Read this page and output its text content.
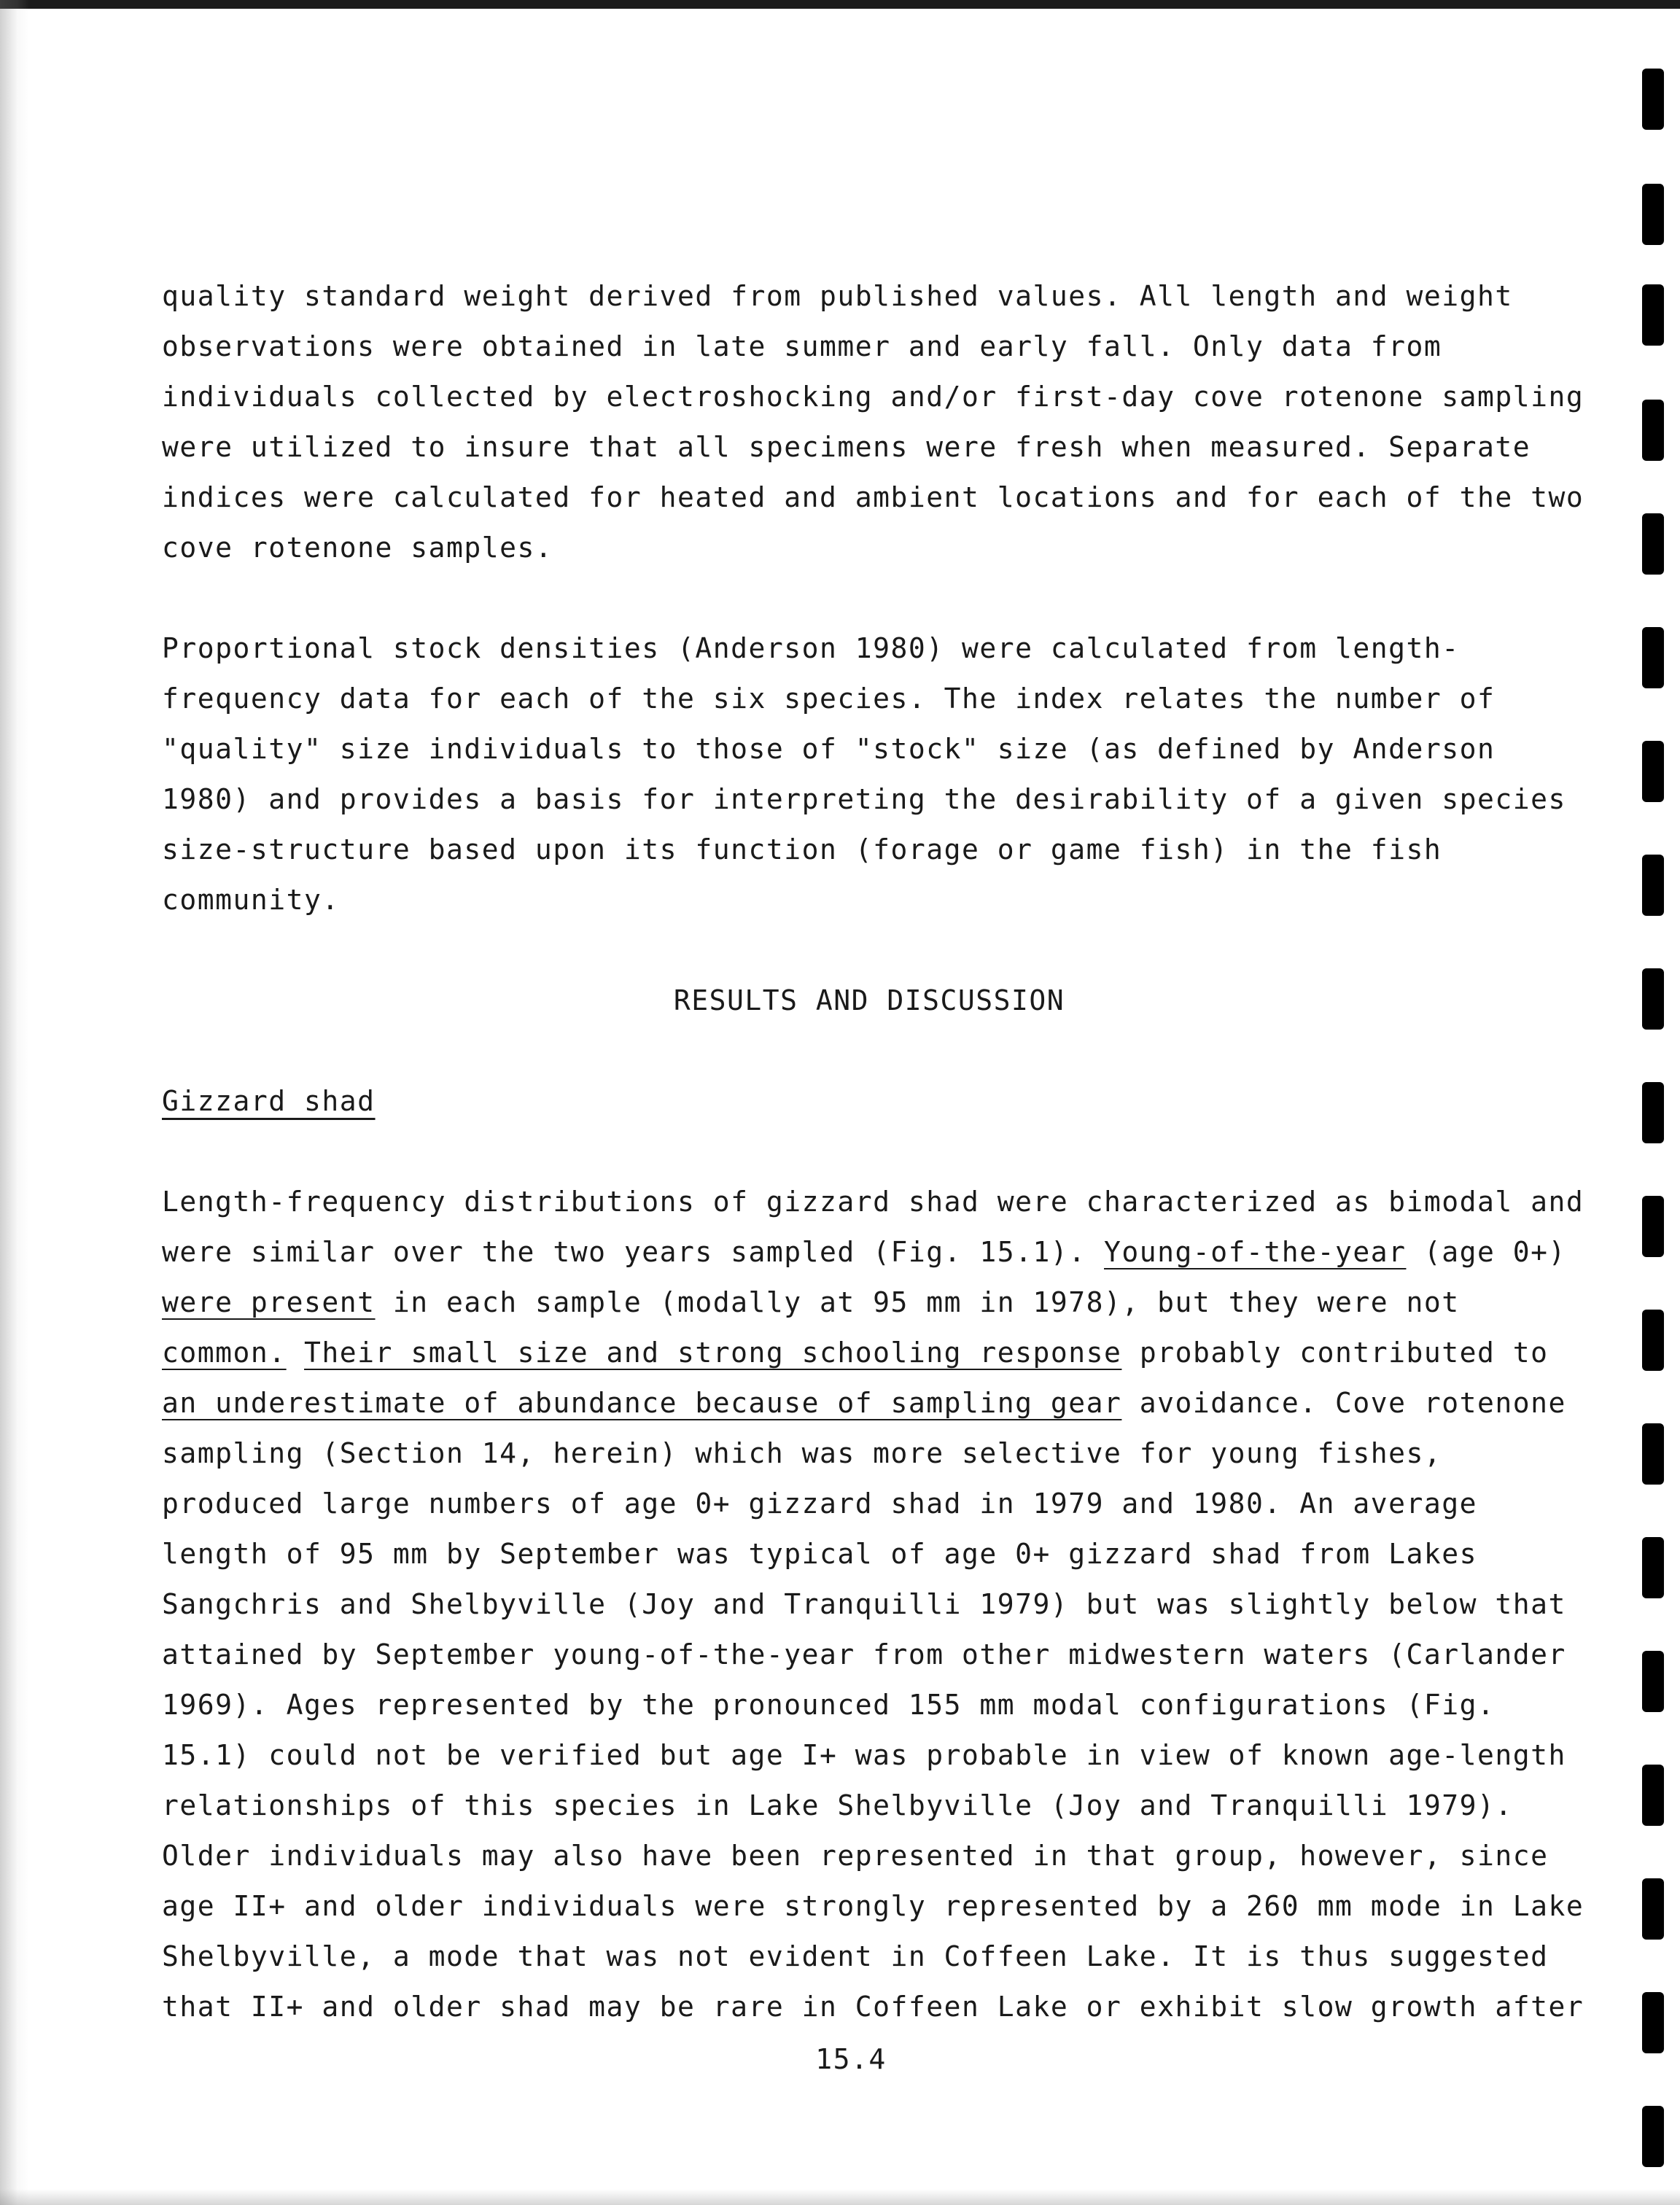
quality standard weight derived from published values. All length and weight
observations were obtained in late summer and early fall. Only data from
individuals collected by electroshocking and/or first-day cove rotenone sampling
were utilized to insure that all specimens were fresh when measured. Separate
indices were calculated for heated and ambient locations and for each of the two
cove rotenone samples.

Proportional stock densities (Anderson 1980) were calculated from length-
frequency data for each of the six species. The index relates the number of
"quality" size individuals to those of "stock" size (as defined by Anderson
1980) and provides a basis for interpreting the desirability of a given species
size-structure based upon its function (forage or game fish) in the fish
community.

RESULTS AND DISCUSSION

Gizzard shad

Length-frequency distributions of gizzard shad were characterized as bimodal and
were similar over the two years sampled (Fig. 15.1). Young-of-the-year (age 0+)
were present in each sample (modally at 95 mm in 1978), but they were not
common. Their small size and strong schooling response probably contributed to
an underestimate of abundance because of sampling gear avoidance. Cove rotenone
sampling (Section 14, herein) which was more selective for young fishes,
produced large numbers of age 0+ gizzard shad in 1979 and 1980. An average
length of 95 mm by September was typical of age 0+ gizzard shad from Lakes
Sangchris and Shelbyville (Joy and Tranquilli 1979) but was slightly below that
attained by September young-of-the-year from other midwestern waters (Carlander
1969). Ages represented by the pronounced 155 mm modal configurations (Fig.
15.1) could not be verified but age I+ was probable in view of known age-length
relationships of this species in Lake Shelbyville (Joy and Tranquilli 1979).
Older individuals may also have been represented in that group, however, since
age II+ and older individuals were strongly represented by a 260 mm mode in Lake
Shelbyville, a mode that was not evident in Coffeen Lake. It is thus suggested
that II+ and older shad may be rare in Coffeen Lake or exhibit slow growth after

15.4
